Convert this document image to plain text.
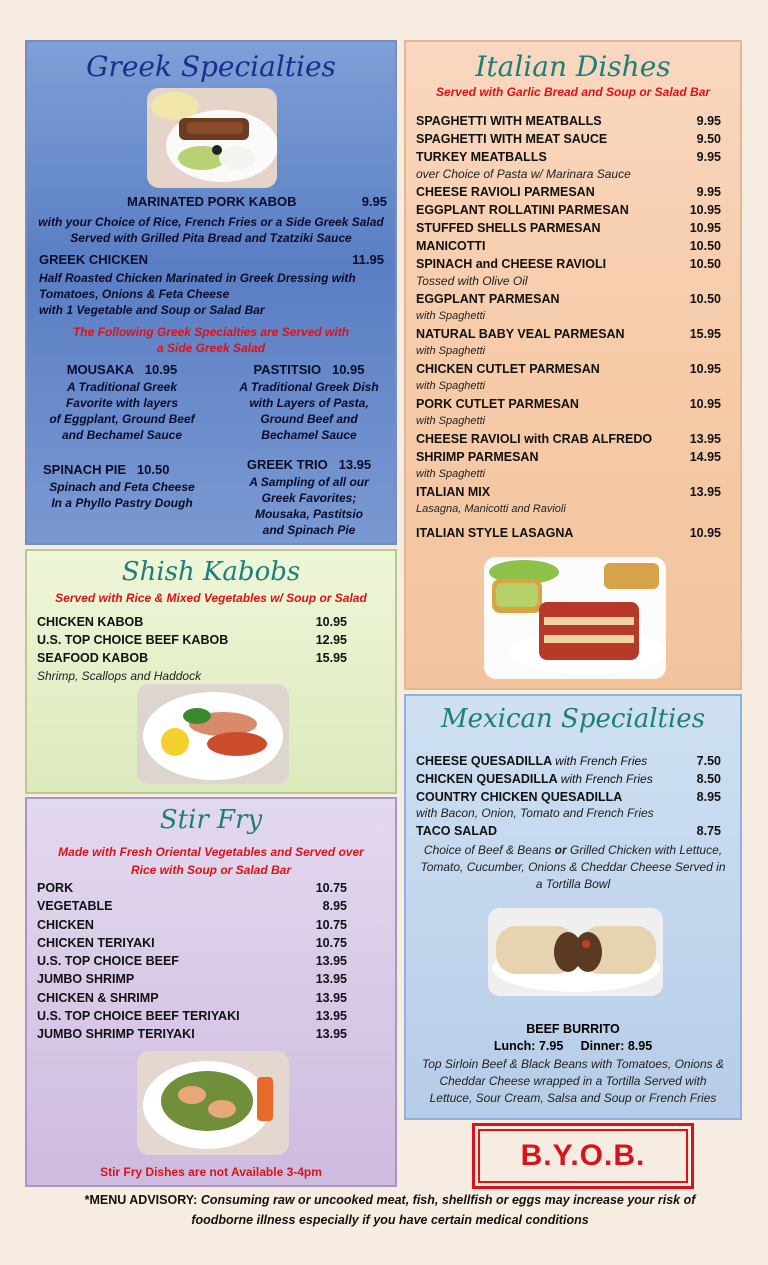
Greek Specialties
MARINATED PORK KABOB	9.95
with your Choice of Rice, French Fries or a Side Greek Salad
Served with Grilled Pita Bread and Tzatziki Sauce
GREEK CHICKEN	11.95
Half Roasted Chicken Marinated in Greek Dressing with
Tomatoes, Onions & Feta Cheese
with 1 Vegetable and Soup or Salad Bar
The Following Greek Specialties are Served with
a Side Greek Salad
MOUSAKA 10.95
A Traditional Greek
Favorite with layers
of Eggplant, Ground Beef
and Bechamel Sauce
PASTITSIO 10.95
A Traditional Greek Dish
with Layers of Pasta,
Ground Beef and
Bechamel Sauce
SPINACH PIE 10.50
Spinach and Feta Cheese
In a Phyllo Pastry Dough
GREEK TRIO 13.95
A Sampling of all our
Greek Favorites;
Mousaka, Pastitsio
and Spinach Pie
Italian Dishes
Served with Garlic Bread and Soup or Salad Bar
SPAGHETTI WITH MEATBALLS	9.95
SPAGHETTI WITH MEAT SAUCE	9.50
TURKEY MEATBALLS	9.95
over Choice of Pasta w/ Marinara Sauce
CHEESE RAVIOLI PARMESAN	9.95
EGGPLANT ROLLATINI PARMESAN	10.95
STUFFED SHELLS PARMESAN	10.95
MANICOTTI	10.50
SPINACH and CHEESE RAVIOLI	10.50
Tossed with Olive Oil
EGGPLANT PARMESAN	10.50
with Spaghetti
NATURAL BABY VEAL PARMESAN	15.95
with Spaghetti
CHICKEN CUTLET PARMESAN	10.95
with Spaghetti
PORK CUTLET PARMESAN	10.95
with Spaghetti
CHEESE RAVIOLI with CRAB ALFREDO	13.95
SHRIMP PARMESAN	14.95
with Spaghetti
ITALIAN MIX	13.95
Lasagna, Manicotti and Ravioli
ITALIAN STYLE LASAGNA	10.95
Shish Kabobs
Served with Rice & Mixed Vegetables w/ Soup or Salad
CHICKEN KABOB	10.95
U.S. TOP CHOICE BEEF KABOB	12.95
SEAFOOD KABOB	15.95
Shrimp, Scallops and Haddock
Stir Fry
Made with Fresh Oriental Vegetables and Served over
Rice with Soup or Salad Bar
PORK	10.75
VEGETABLE	8.95
CHICKEN	10.75
CHICKEN TERIYAKI	10.75
U.S. TOP CHOICE BEEF	13.95
JUMBO SHRIMP	13.95
CHICKEN & SHRIMP	13.95
U.S. TOP CHOICE BEEF TERIYAKI	13.95
JUMBO SHRIMP TERIYAKI	13.95
Stir Fry Dishes are not Available 3-4pm
Mexican Specialties
CHEESE QUESADILLA with French Fries	7.50
CHICKEN QUESADILLA with French Fries	8.50
COUNTRY CHICKEN QUESADILLA	8.95
with Bacon, Onion, Tomato and French Fries
TACO SALAD	8.75
Choice of Beef & Beans or Grilled Chicken with Lettuce,
Tomato, Cucumber, Onions & Cheddar Cheese Served in
a Tortilla Bowl
BEEF BURRITO
Lunch: 7.95     Dinner: 8.95
Top Sirloin Beef & Black Beans with Tomatoes, Onions &
Cheddar Cheese wrapped in a Tortilla Served with
Lettuce, Sour Cream, Salsa and Soup or French Fries
B.Y.O.B.
*MENU ADVISORY: Consuming raw or uncooked meat, fish, shellfish or eggs may increase your risk of
foodborne illness especially if you have certain medical conditions
